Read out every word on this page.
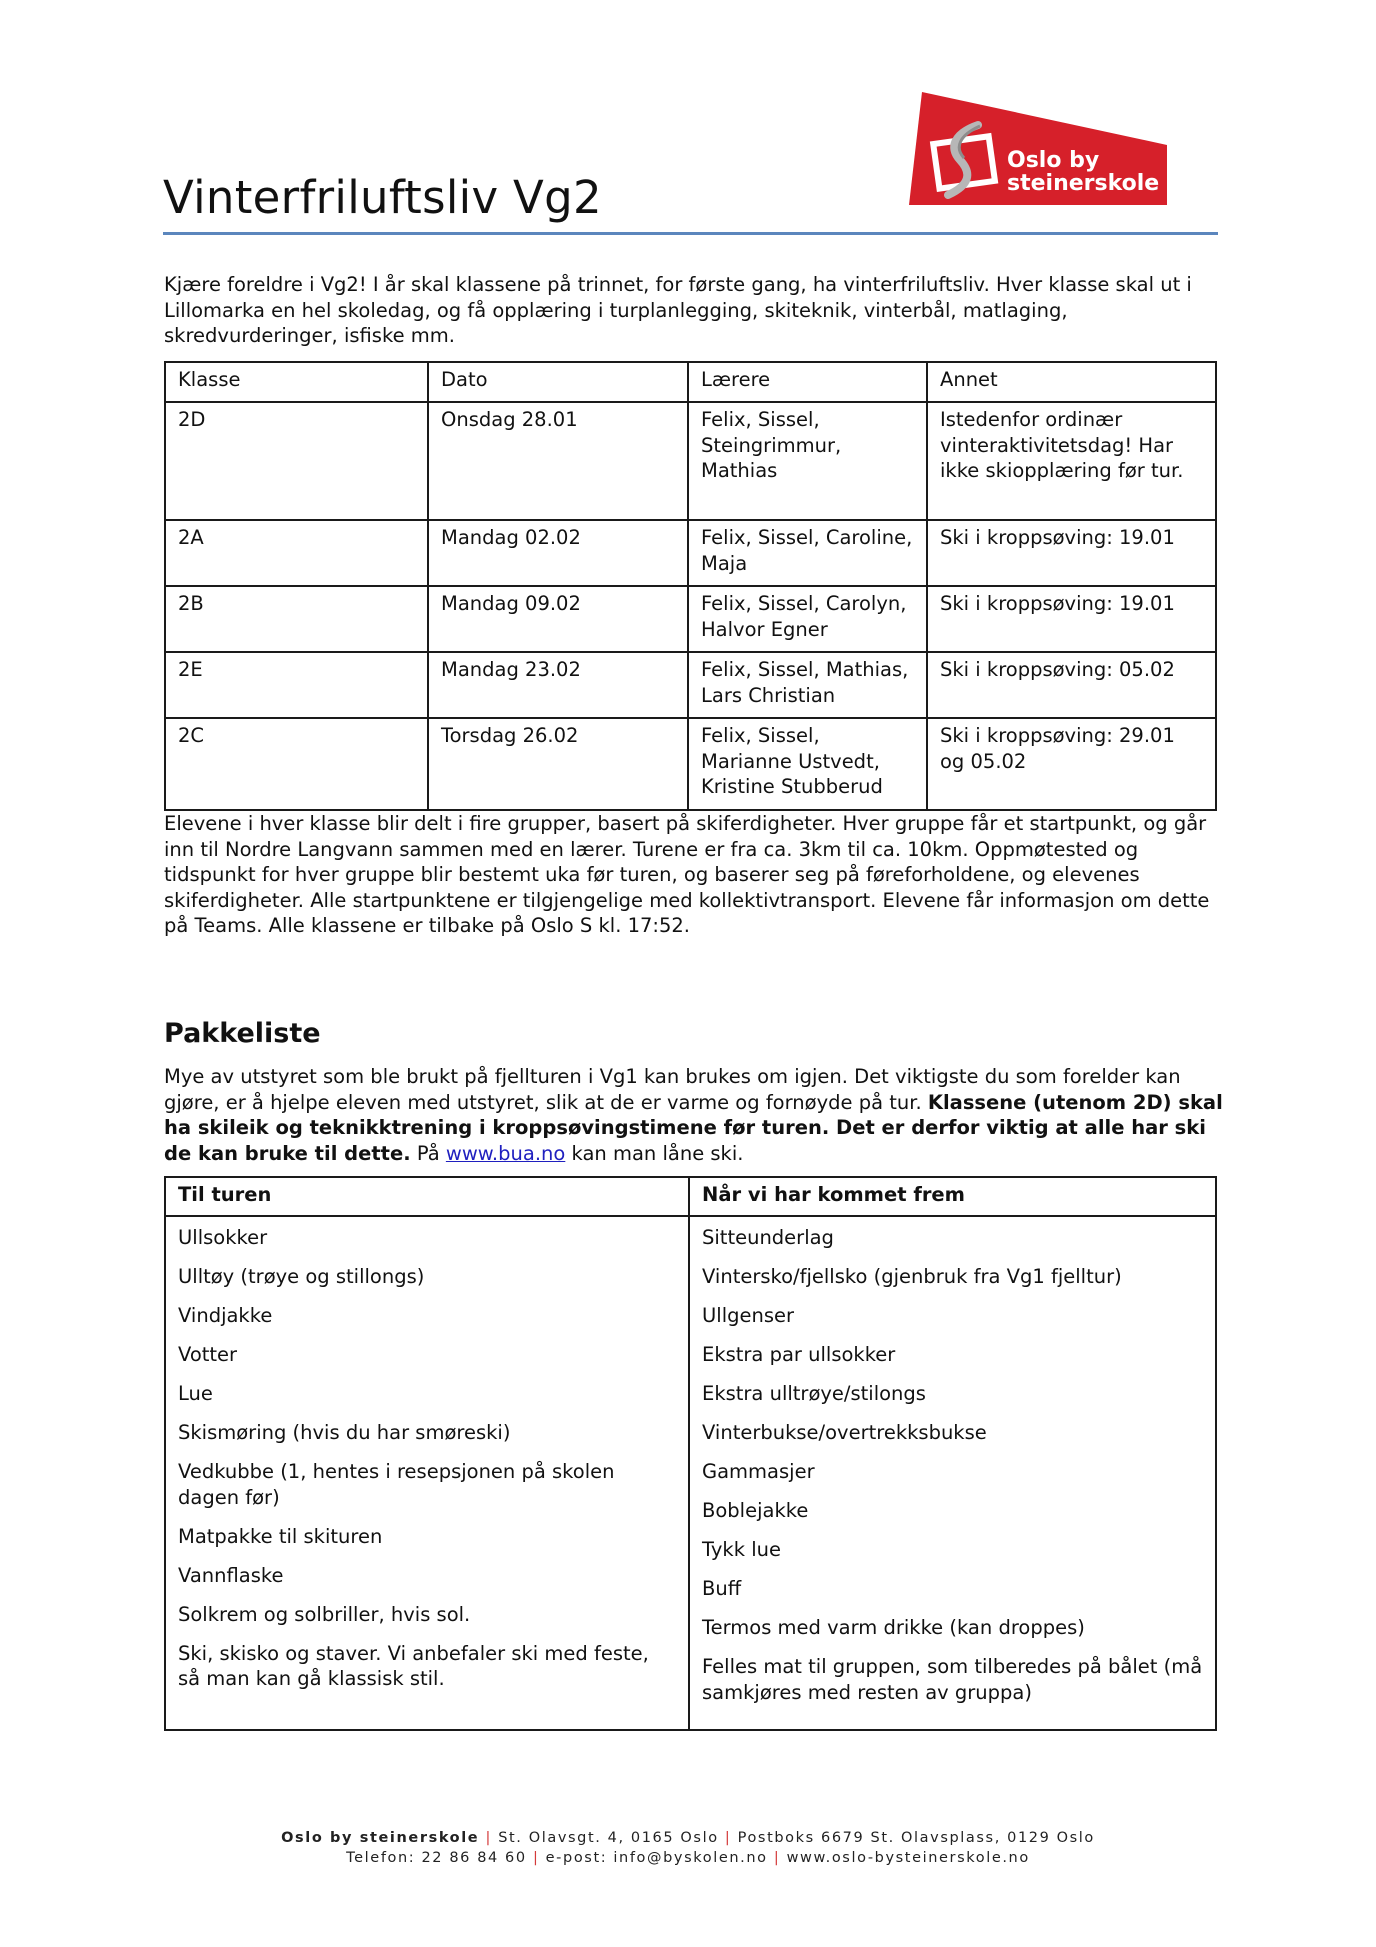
Oslo by
steinerskole
Vinterfriluftsliv Vg2
Kjære foreldre i Vg2! I år skal klassene på trinnet, for første gang, ha vinterfriluftsliv. Hver klasse skal ut i Lillomarka en hel skoledag, og få opplæring i turplanlegging, skiteknik, vinterbål, matlaging, skredvurderinger, isfiske mm.
Klasse	Dato	Lærere	Annet
2D	Onsdag 28.01	Felix, Sissel, Steingrimmur, Mathias	Istedenfor ordinær vinteraktivitetsdag! Har ikke skiopplæring før tur.
2A	Mandag 02.02	Felix, Sissel, Caroline, Maja	Ski i kroppsøving: 19.01
2B	Mandag 09.02	Felix, Sissel, Carolyn, Halvor Egner	Ski i kroppsøving: 19.01
2E	Mandag 23.02	Felix, Sissel, Mathias, Lars Christian	Ski i kroppsøving: 05.02
2C	Torsdag 26.02	Felix, Sissel, Marianne Ustvedt, Kristine Stubberud	Ski i kroppsøving: 29.01 og 05.02
Elevene i hver klasse blir delt i fire grupper, basert på skiferdigheter. Hver gruppe får et startpunkt, og går inn til Nordre Langvann sammen med en lærer. Turene er fra ca. 3km til ca. 10km. Oppmøtested og tidspunkt for hver gruppe blir bestemt uka før turen, og baserer seg på føreforholdene, og elevenes skiferdigheter. Alle startpunktene er tilgjengelige med kollektivtransport. Elevene får informasjon om dette på Teams. Alle klassene er tilbake på Oslo S kl. 17:52.
Pakkeliste
Mye av utstyret som ble brukt på fjellturen i Vg1 kan brukes om igjen. Det viktigste du som forelder kan gjøre, er å hjelpe eleven med utstyret, slik at de er varme og fornøyde på tur. Klassene (utenom 2D) skal ha skileik og teknikktrening i kroppsøvingstimene før turen. Det er derfor viktig at alle har ski de kan bruke til dette. På www.bua.no kan man låne ski.
Til turen	Når vi har kommet frem

Ullsokker
Ulltøy (trøye og stillongs)
Vindjakke
Votter
Lue
Skismøring (hvis du har smøreski)
Vedkubbe (1, hentes i resepsjonen på skolen dagen før)
Matpakke til skituren
Vannflaske
Solkrem og solbriller, hvis sol.
Ski, skisko og staver. Vi anbefaler ski med feste, så man kan gå klassisk stil.

Sitteunderlag
Vintersko/fjellsko (gjenbruk fra Vg1 fjelltur)
Ullgenser
Ekstra par ullsokker
Ekstra ulltrøye/stilongs
Vinterbukse/overtrekksbukse
Gammasjer
Boblejakke
Tykk lue
Buff
Termos med varm drikke (kan droppes)
Felles mat til gruppen, som tilberedes på bålet (må samkjøres med resten av gruppa)
Oslo by steinerskole | St. Olavsgt. 4, 0165 Oslo | Postboks 6679 St. Olavsplass, 0129 Oslo
Telefon: 22 86 84 60 | e-post: info@byskolen.no | www.oslo-bysteinerskole.no
